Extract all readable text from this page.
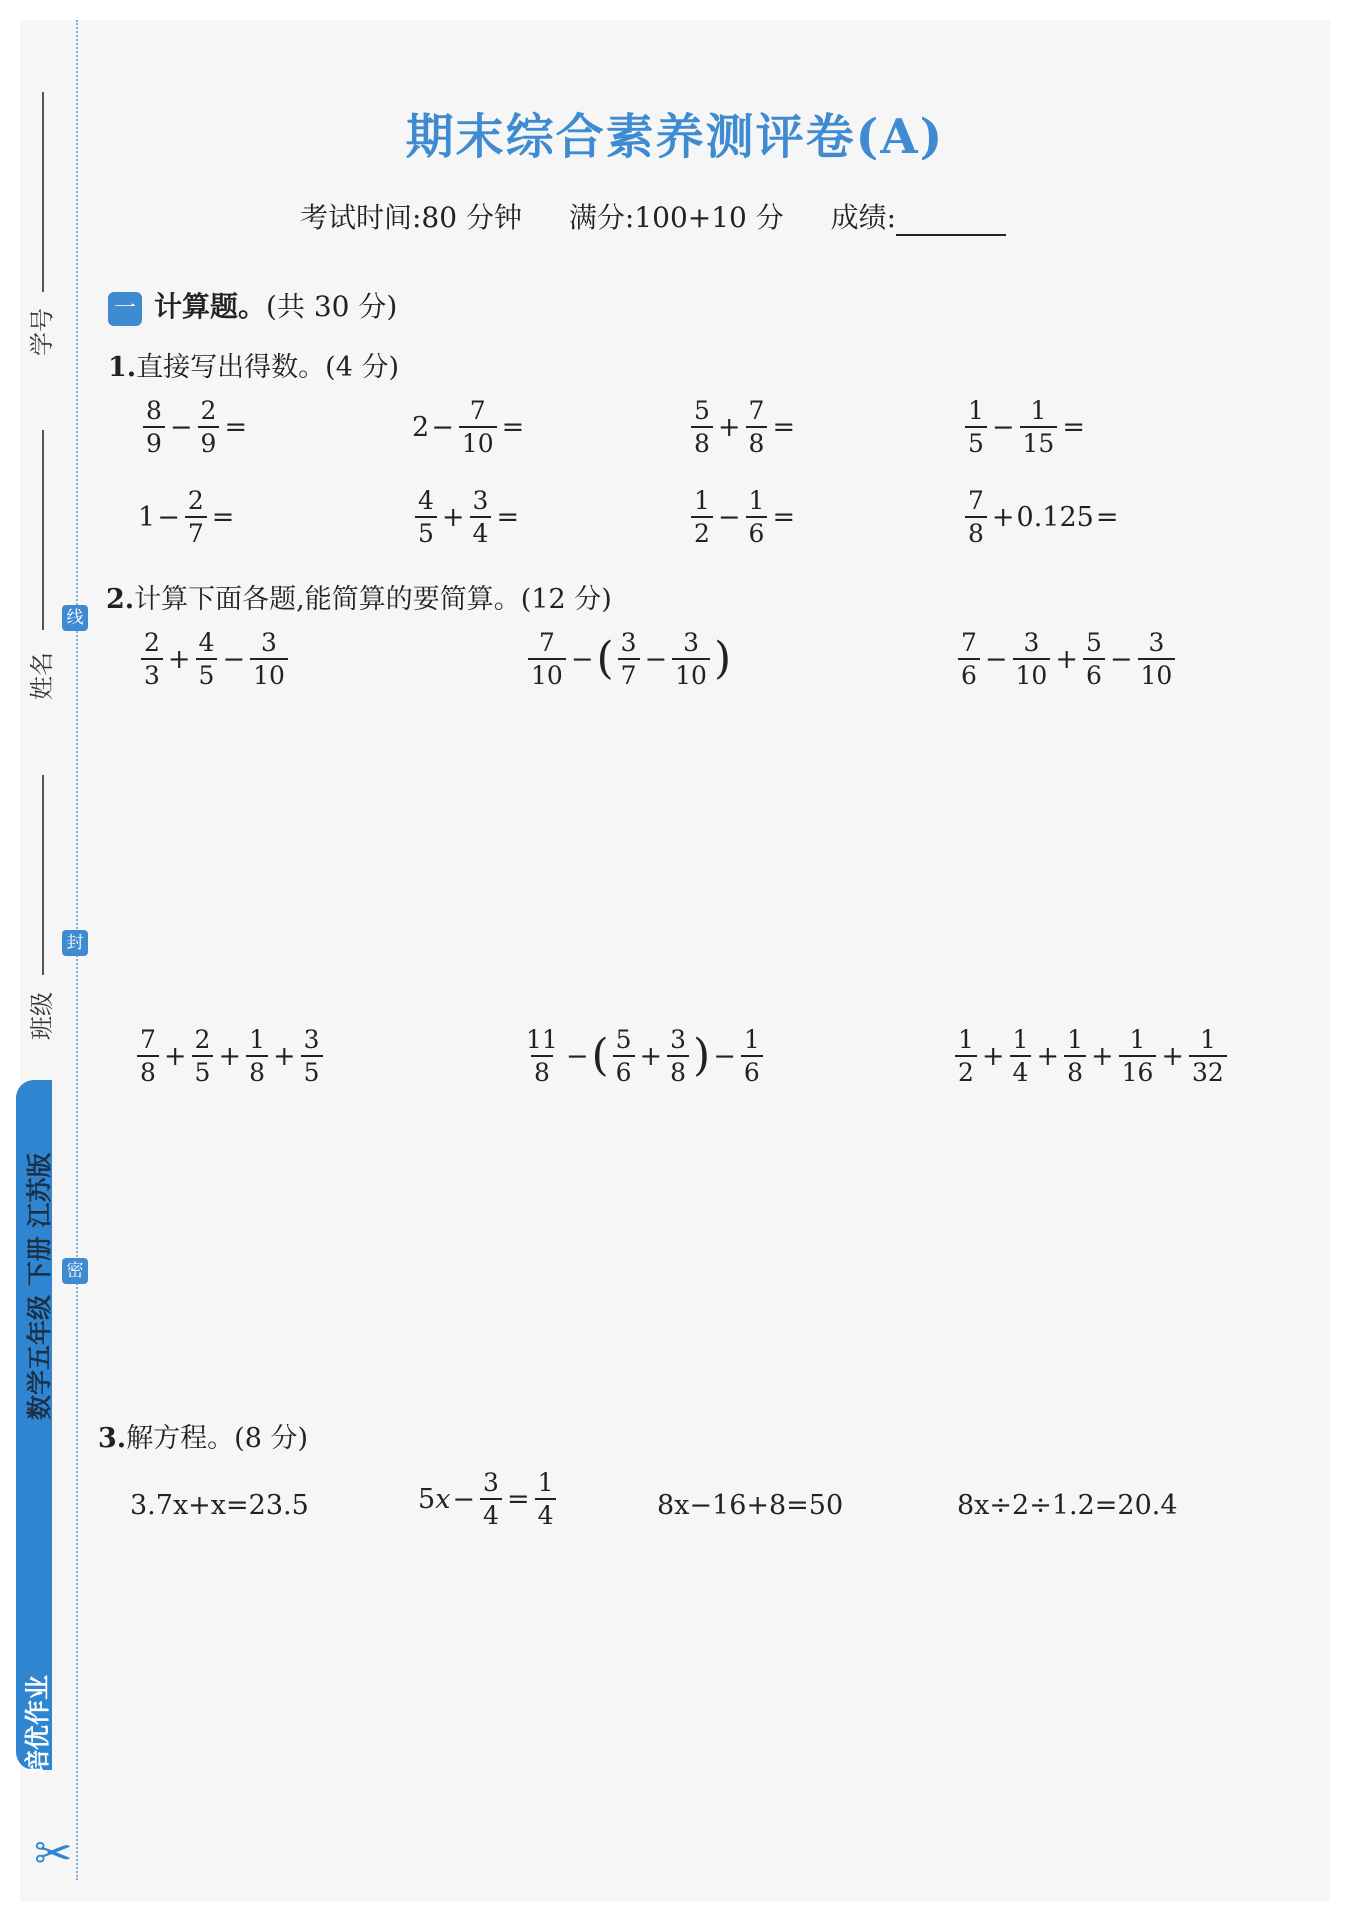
学号
姓名
班级
线
封
密
数学五年级 下册 江苏版
培优作业
✂
期末综合素养测评卷(A)
考试时间:80 分钟 满分:100+10 分 成绩:
一 计算题。(共 30 分)
1.直接写出得数。(4 分)
$\frac{8}{9} - \frac{2}{9}$ =	$2 - \frac{7}{10}$ =	$\frac{5}{8} + \frac{7}{8}$ =	$\frac{1}{5} - \frac{1}{15}$ =
$1 - \frac{2}{7}$ =	$\frac{4}{5} + \frac{3}{4}$ =	$\frac{1}{2} - \frac{1}{6}$ =	$\frac{7}{8} + 0.125$ =
2.计算下面各题,能简算的要简算。(12 分)
$\frac{2}{3} + \frac{4}{5} - \frac{3}{10}$	$\frac{7}{10}$ − ( $\frac{3}{7} - \frac{3}{10}$ )	$\frac{7}{6} - \frac{3}{10} + \frac{5}{6} - \frac{3}{10}$
$\frac{7}{8} + \frac{2}{5} + \frac{1}{8} + \frac{3}{5}$	$\frac{11}{8}$ − ( $\frac{5}{6} + \frac{3}{8}$ ) − $\frac{1}{6}$	$\frac{1}{2} + \frac{1}{4} + \frac{1}{8} + \frac{1}{16} + \frac{1}{32}$
3.解方程。(8 分)
3.7x+x=23.5	5 $x - \frac{3}{4} = \frac{1}{4}$	8x−16+8=50	8x÷2÷1.2=20.4
